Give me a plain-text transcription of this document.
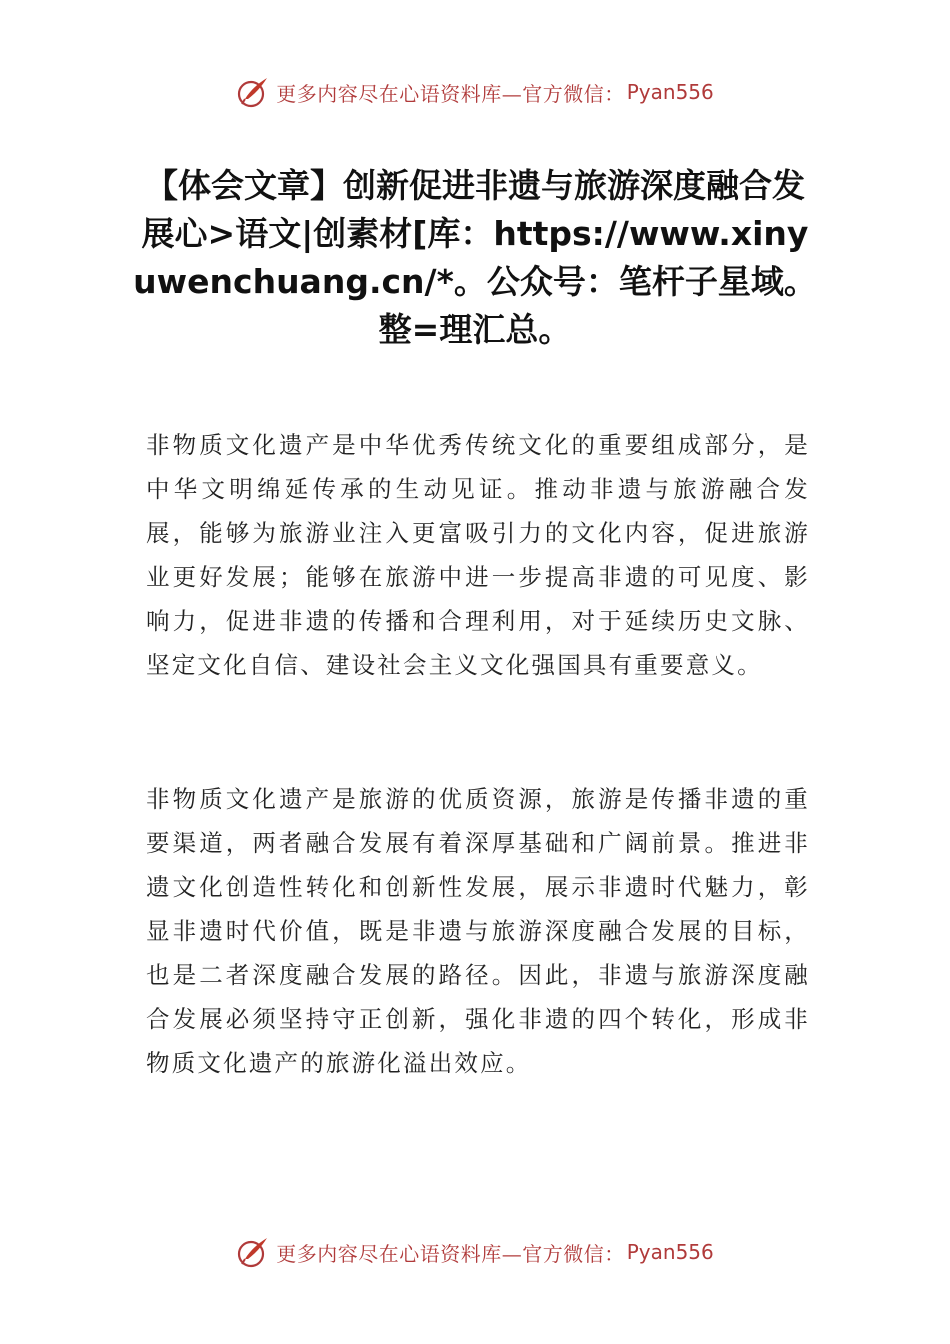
更多内容尽在心语资料库—官方微信： Pyan556
【体会文章】创新促进非遗与旅游深度融合发展心>语文|创素材[库：https://www.xinyuwenchuang.cn/*。公众号：笔杆子星域。整=理汇总。

非物质文化遗产是中华优秀传统文化的重要组成部分，是中华文明绵延传承的生动见证。推动非遗与旅游融合发展，能够为旅游业注入更富吸引力的文化内容，促进旅游业更好发展；能够在旅游中进一步提高非遗的可见度、影响力，促进非遗的传播和合理利用，对于延续历史文脉、坚定文化自信、建设社会主义文化强国具有重要意义。

非物质文化遗产是旅游的优质资源，旅游是传播非遗的重要渠道，两者融合发展有着深厚基础和广阔前景。推进非遗文化创造性转化和创新性发展，展示非遗时代魅力，彰显非遗时代价值，既是非遗与旅游深度融合发展的目标，也是二者深度融合发展的路径。因此，非遗与旅游深度融合发展必须坚持守正创新，强化非遗的四个转化，形成非物质文化遗产的旅游化溢出效应。

更多内容尽在心语资料库—官方微信： Pyan556
